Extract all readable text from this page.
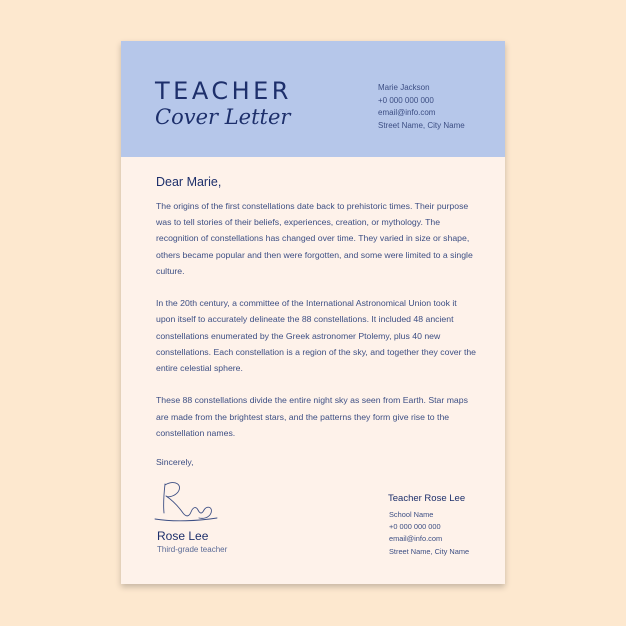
TEACHER
Cover Letter
Marie Jackson
+0 000 000 000
email@info.com
Street Name, City Name
Dear Marie,

The origins of the first constellations date back to prehistoric times. Their purpose was to tell stories of their beliefs, experiences, creation, or mythology. The recognition of constellations has changed over time. They varied in size or shape, others became popular and then were forgotten, and some were limited to a single culture.

In the 20th century, a committee of the International Astronomical Union took it upon itself to accurately delineate the 88 constellations. It included 48 ancient constellations enumerated by the Greek astronomer Ptolemy, plus 40 new constellations. Each constellation is a region of the sky, and together they cover the entire celestial sphere.

These 88 constellations divide the entire night sky as seen from Earth. Star maps are made from the brightest stars, and the patterns they form give rise to the constellation names.

Sincerely,
Rose Lee
Third-grade teacher
Teacher Rose Lee
School Name
+0 000 000 000
email@info.com
Street Name, City Name
